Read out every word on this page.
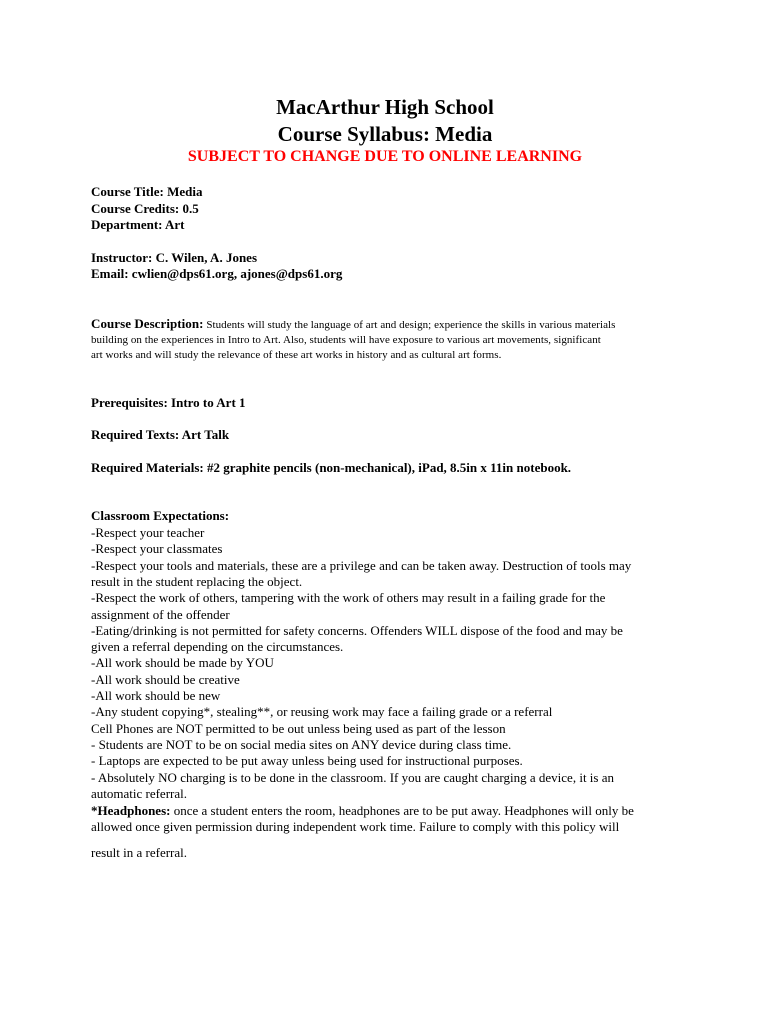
MacArthur High School
Course Syllabus: Media

SUBJECT TO CHANGE DUE TO ONLINE LEARNING

Course Title: Media

Course Credits: 0.5

Department: Art

Instructor: C. Wilen, A. Jones

Email: cwlien@dps61.org, ajones@dps61.org

Course Description: Students will study the language of art and design; experience the skills in various materials

building on the experiences in Intro to Art. Also, students will have exposure to various art movements, significant

art works and will study the relevance of these art works in history and as cultural art forms.

Prerequisites: Intro to Art 1

Required Texts: Art Talk

Required Materials: #2 graphite pencils (non-mechanical), iPad, 8.5in x 11in notebook.

Classroom Expectations:

-Respect your teacher

-Respect your classmates

-Respect your tools and materials, these are a privilege and can be taken away. Destruction of tools may

result in the student replacing the object.

-Respect the work of others, tampering with the work of others may result in a failing grade for the

assignment of the offender

-Eating/drinking is not permitted for safety concerns. Offenders WILL dispose of the food and may be

given a referral depending on the circumstances.

-All work should be made by YOU

-All work should be creative

-All work should be new

-Any student copying*, stealing**, or reusing work may face a failing grade or a referral

Cell Phones are NOT permitted to be out unless being used as part of the lesson

- Students are NOT to be on social media sites on ANY device during class time.

- Laptops are expected to be put away unless being used for instructional purposes.

- Absolutely NO charging is to be done in the classroom. If you are caught charging a device, it is an

automatic referral.

*Headphones: once a student enters the room, headphones are to be put away. Headphones will only be

allowed once given permission during independent work time. Failure to comply with this policy will

result in a referral.
